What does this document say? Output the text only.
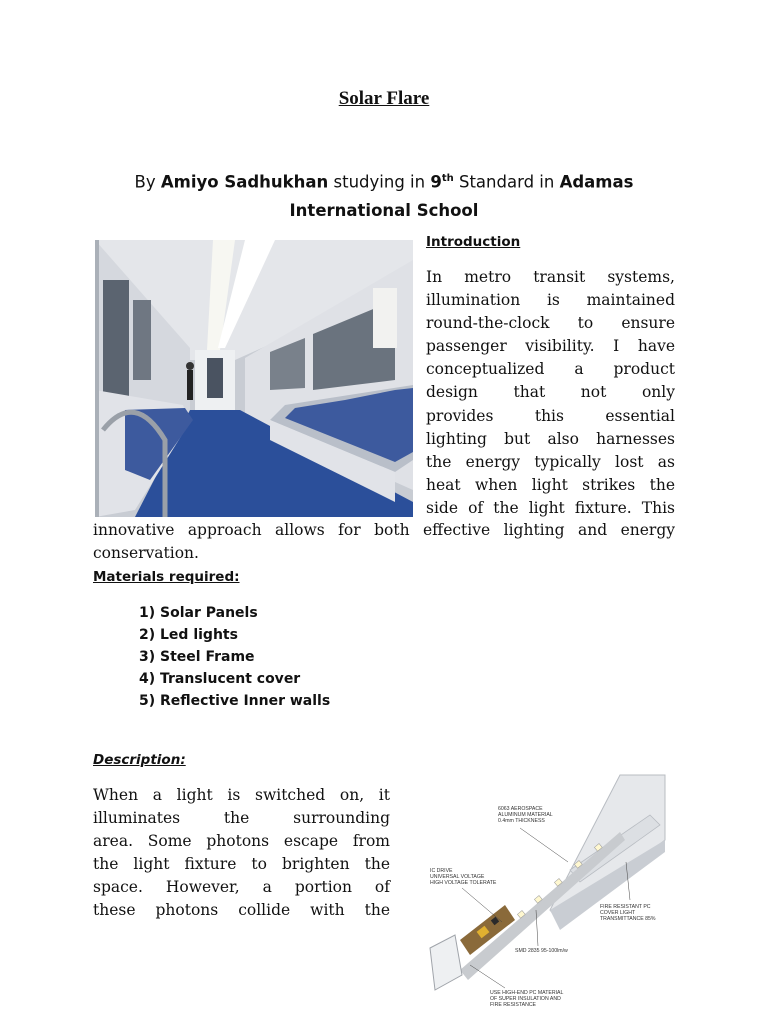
Solar Flare
By Amiyo Sadhukhan studying in 9th Standard in Adamas International School
Introduction
In metro transit systems,
illumination is maintained
round-the-clock to ensure
passenger visibility. I have
conceptualized a product
design that not only
provides this essential
lighting but also harnesses
the energy typically lost as
heat when light strikes the
side of the light fixture. This
innovative approach allows for both effective lighting and energy
conservation.
Materials required:
1) Solar Panels
2) Led lights
3) Steel Frame
4) Translucent cover
5) Reflective Inner walls
Description:
When a light is switched on, it
illuminates the surrounding
area. Some photons escape from
the light fixture to brighten the
space. However, a portion of
these photons collide with the
6063 AEROSPACE
ALUMINUM MATERIAL
0.4mm THICKNESS
IC DRIVE
UNIVERSAL VOLTAGE
HIGH VOLTAGE TOLERATE
FIRE RESISTANT PC
COVER LIGHT
TRANSMITTANCE 85%
SMD 2835 95-100lm/w
USE HIGH-END PC MATERIAL
OF SUPER INSULATION AND
FIRE RESISTANCE
